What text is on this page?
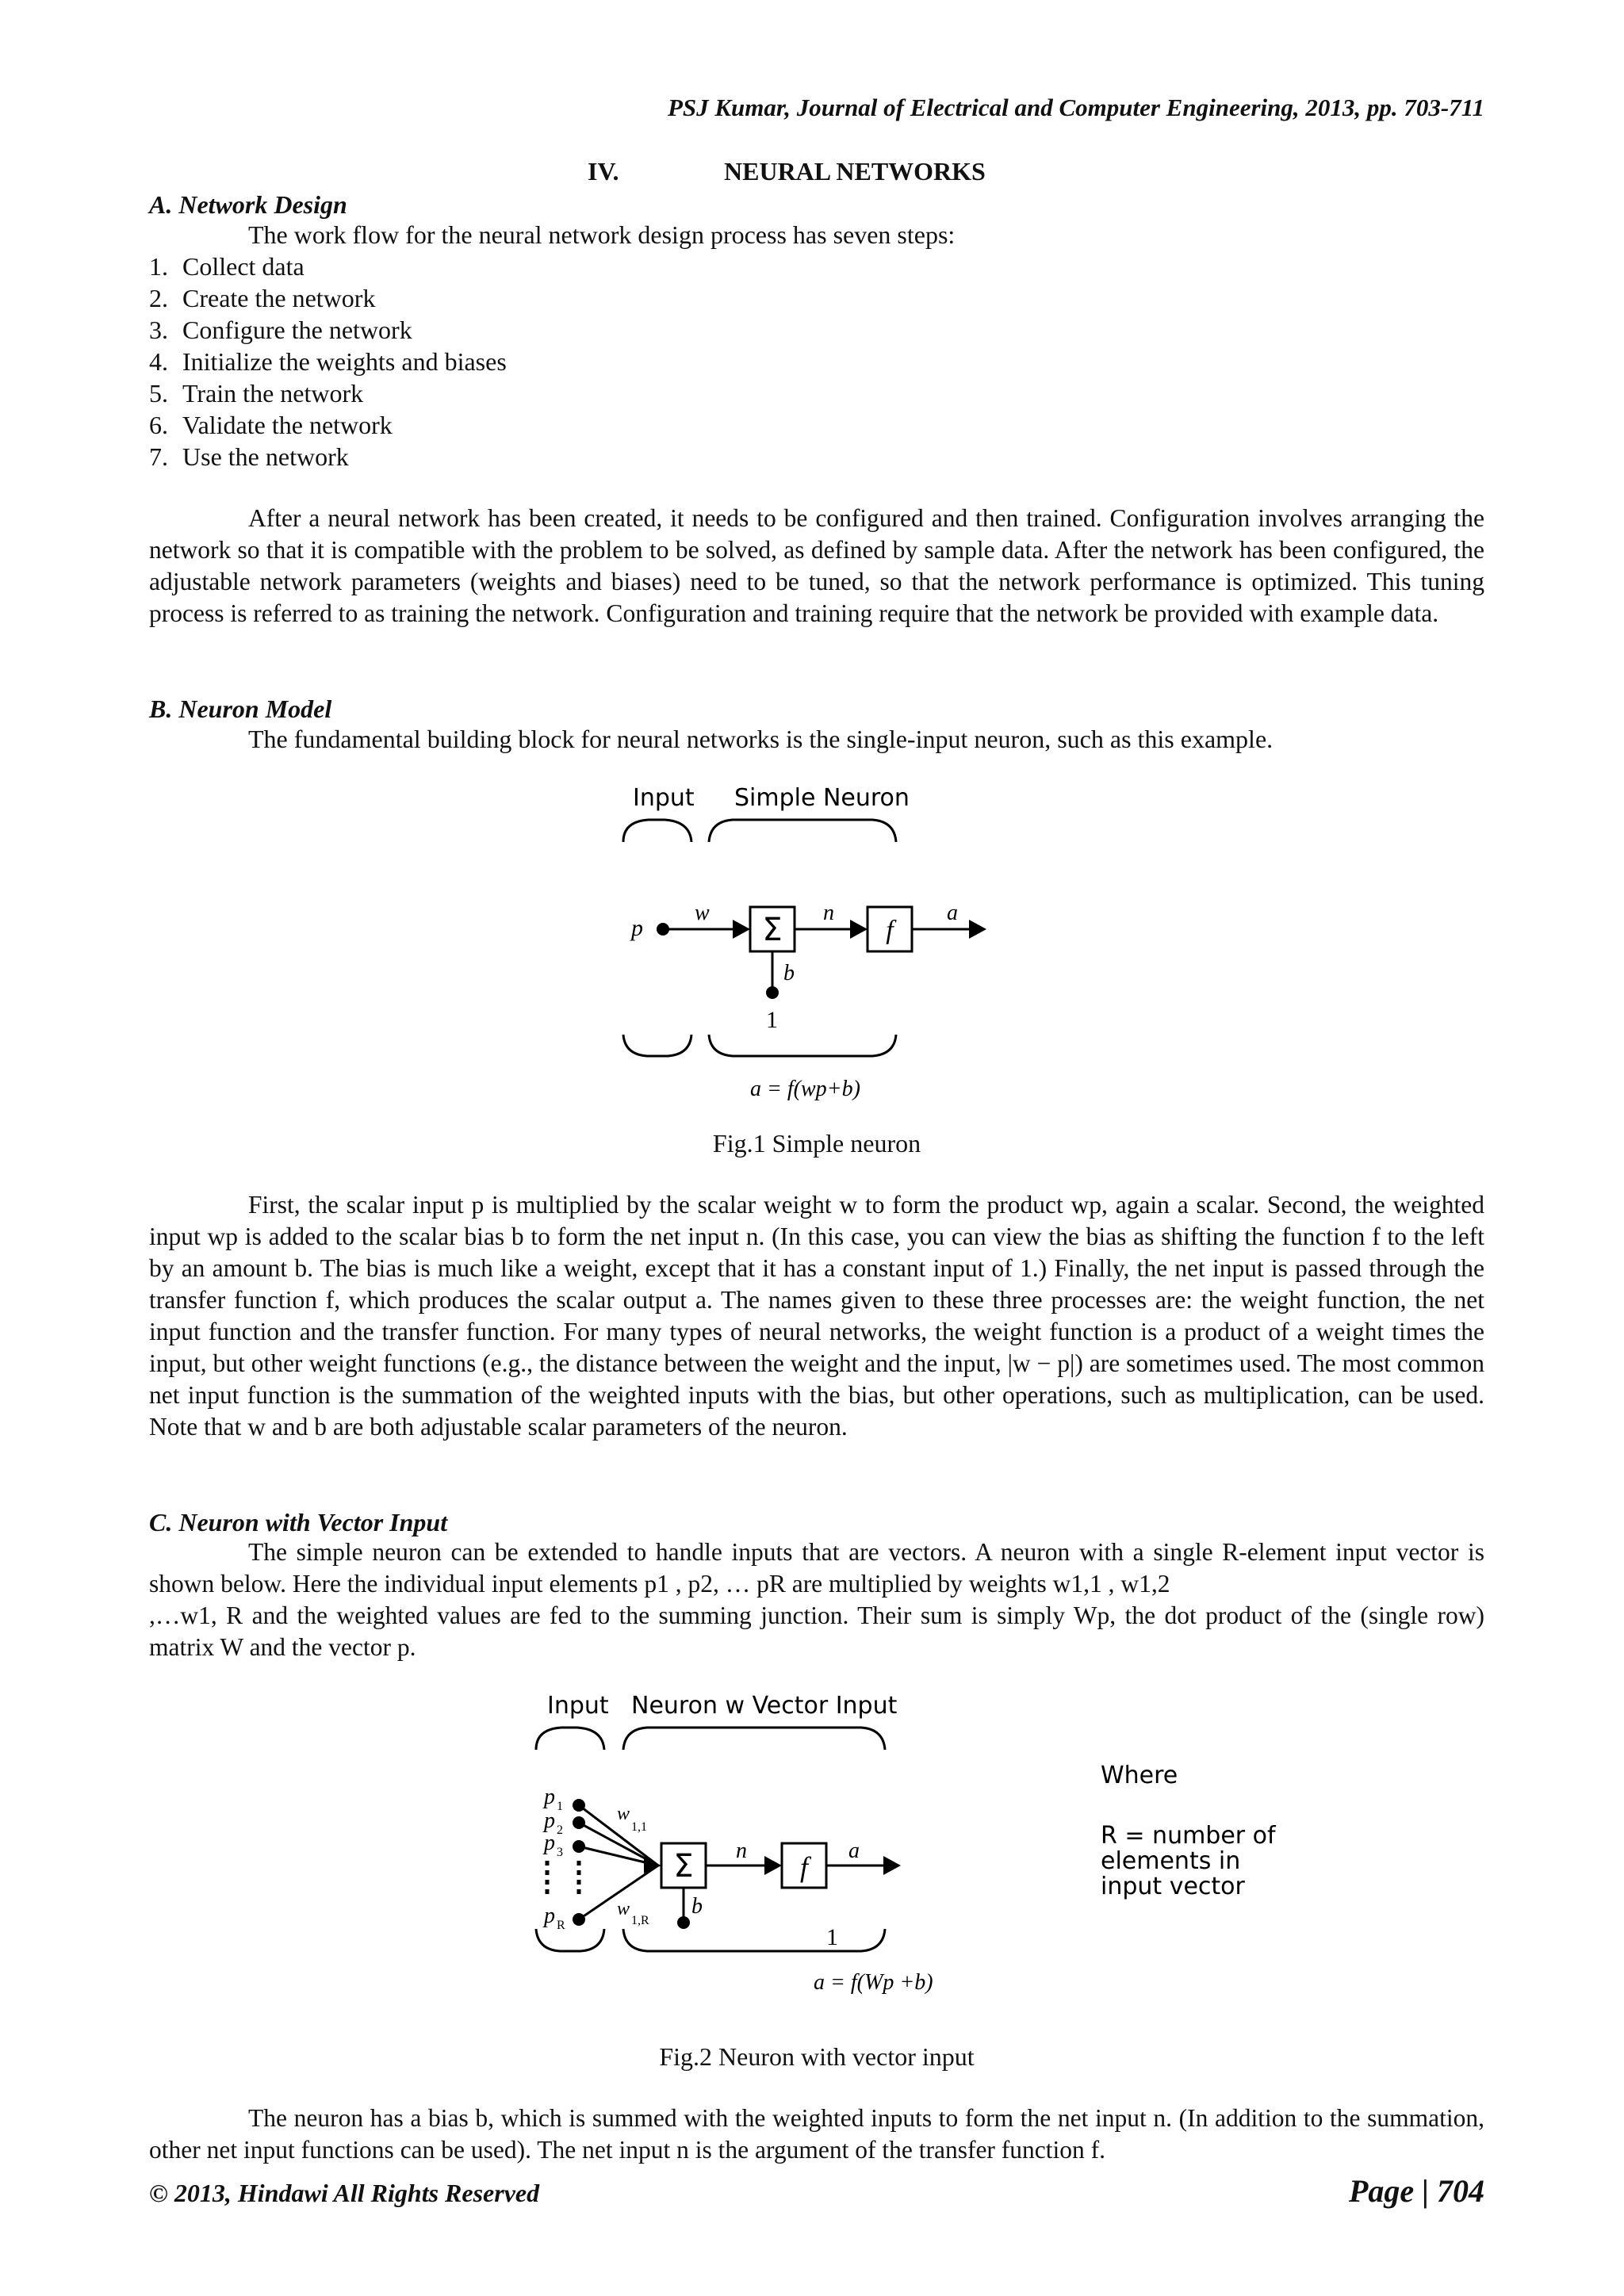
PSJ Kumar, Journal of Electrical and Computer Engineering, 2013, pp. 703-711
IV.	NEURAL NETWORKS
A. Network Design
The work flow for the neural network design process has seven steps:
1. Collect data
2. Create the network
3. Configure the network
4. Initialize the weights and biases
5. Train the network
6. Validate the network
7. Use the network

After a neural network has been created, it needs to be configured and then trained. Configuration involves arranging the network so that it is compatible with the problem to be solved, as defined by sample data. After the network has been configured, the adjustable network parameters (weights and biases) need to be tuned, so that the network performance is optimized. This tuning process is referred to as training the network. Configuration and training require that the network be provided with example data.

B. Neuron Model
The fundamental building block for neural networks is the single-input neuron, such as this example.
Input Simple Neuron
p
w Σ n
f
a
b
1
a = f(wp+b)
Fig.1 Simple neuron

First, the scalar input p is multiplied by the scalar weight w to form the product wp, again a scalar. Second, the weighted input wp is added to the scalar bias b to form the net input n. (In this case, you can view the bias as shifting the function f to the left by an amount b. The bias is much like a weight, except that it has a constant input of 1.) Finally, the net input is passed through the transfer function f, which produces the scalar output a. The names given to these three processes are: the weight function, the net input function and the transfer function. For many types of neural networks, the weight function is a product of a weight times the input, but other weight functions (e.g., the distance between the weight and the input, |w − p|) are sometimes used. The most common net input function is the summation of the weighted inputs with the bias, but other operations, such as multiplication, can be used. Note that w and b are both adjustable scalar parameters of the neuron.

C. Neuron with Vector Input

The simple neuron can be extended to handle inputs that are vectors. A neuron with a single R-element input vector is shown below. Here the individual input elements p1 , p2, … pR are multiplied by weights w1,1 , w1,2

,…w1, R and the weighted values are fed to the summing junction. Their sum is simply Wp, the dot product of the (single row) matrix W and the vector p.

Input Neuron w Vector Input
p 1
p 2
p 3
p R
w
1,1
w
1,R
Σ n
f
a
b
1
a = f(Wp +b)
Where
R = number of
elements in
input vector
Fig.2 Neuron with vector input

The neuron has a bias b, which is summed with the weighted inputs to form the net input n. (In addition to the summation, other net input functions can be used). The net input n is the argument of the transfer function f.

© 2013, Hindawi All Rights Reserved	Page | 704
